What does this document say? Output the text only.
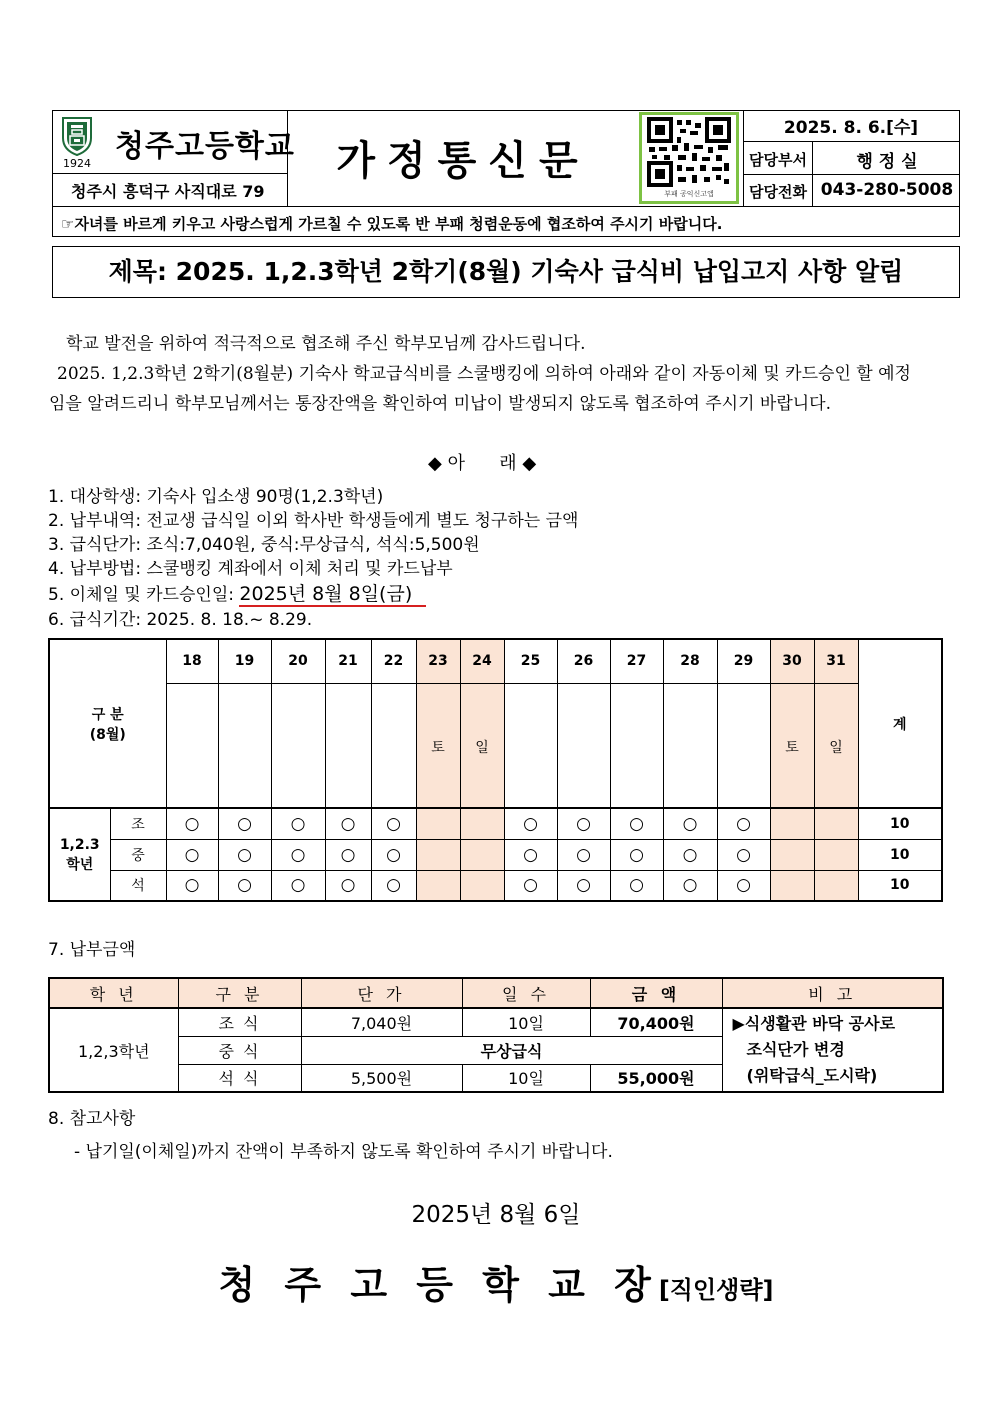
청주고등학교
1924
청주시 흥덕구 사직대로 79
가정통신문
부패 공익신고앱
2025. 8. 6.[수]
담당부서	행 정 실
담당전화 043-280-5008
☞자녀를 바르게 키우고 사랑스럽게 가르칠 수 있도록 반 부패 청렴운동에 협조하여 주시기 바랍니다.
제목: 2025. 1,2.3학년 2학기(8월) 기숙사 급식비 납입고지 사항 알림
학교 발전을 위하여 적극적으로 협조해 주신 학부모님께 감사드립니다.
2025. 1,2.3학년 2학기(8월분) 기숙사 학교급식비를 스쿨뱅킹에 의하여 아래와 같이 자동이체 및 카드승인 할 예정
임을 알려드리니 학부모님께서는 통장잔액을 확인하여 미납이 발생되지 않도록 협조하여 주시기 바랍니다.
◆ 아      래 ◆
1. 대상학생: 기숙사 입소생 90명(1,2.3학년)
2. 납부내역: 전교생 급식일 이외 학사반 학생들에게 별도 청구하는 금액
3. 급식단가: 조식:7,040원, 중식:무상급식, 석식:5,500원
4. 납부방법: 스쿨뱅킹 계좌에서 이체 처리 및 카드납부
5. 이체일 및 카드승인일: 2025년 8월 8일(금)
6. 급식기간: 2025. 8. 18.~ 8.29.
구 분
(8월)		18	19	20	21	22	23	24	25	26	27	28	29	30	31	계
							토	일						토	일	
1,2.3
학년	조	○	○	○	○	○			○	○	○	○	○			10
	중	○	○	○	○	○			○	○	○	○	○			10
	석	○	○	○	○	○			○	○	○	○	○			10
7. 납부금액
학 년	구 분	단 가	일 수	금 액	비 고
1,2,3학년	조 식	7,040원	10일	70,400원	▶식생활관 바닥 공사로
조식단가 변경
(위탁급식_도시락)

	중 식	무상급식			
	석 식	5,500원	10일	55,000원	
8. 참고사항
- 납기일(이체일)까지 잔액이 부족하지 않도록 확인하여 주시기 바랍니다.
2025년 8월 6일
청 주 고 등 학 교 장[직인생략]
